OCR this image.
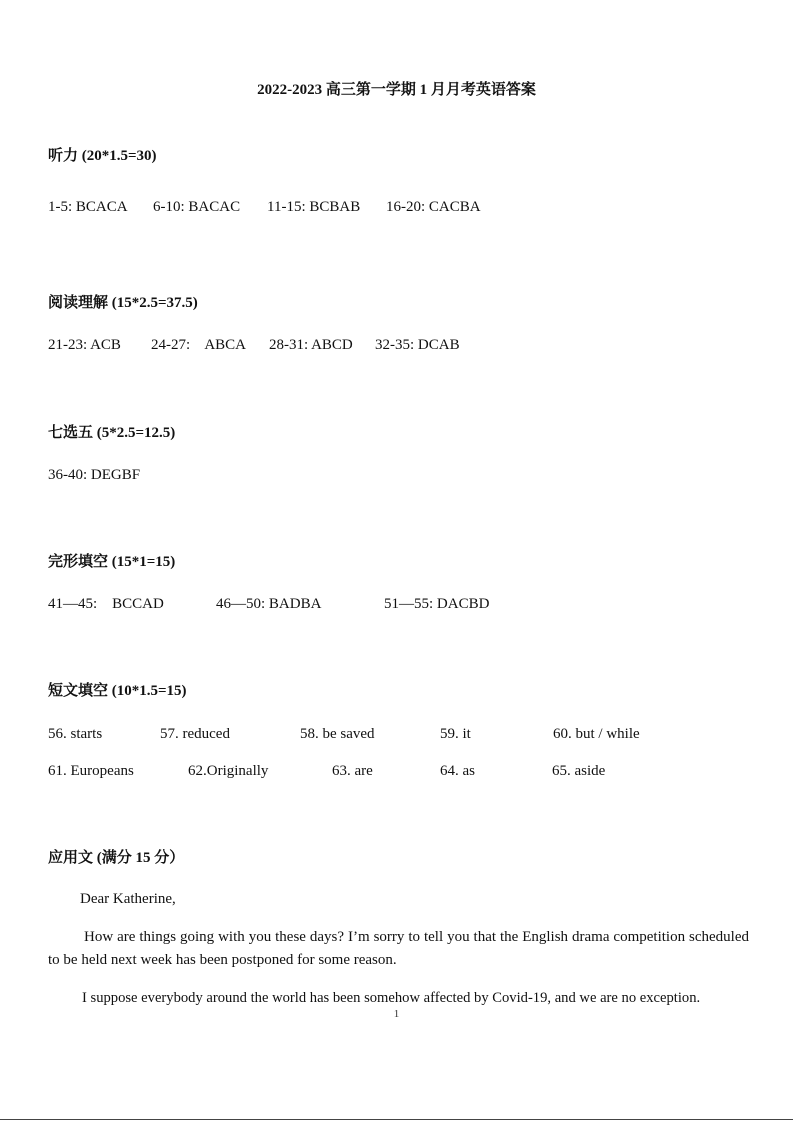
2022-2023 高三第一学期 1 月月考英语答案
听力 (20*1.5=30)
1-5: BCACA 6-10: BACAC 11-15: BCBAB 16-20: CACBA
阅读理解 (15*2.5=37.5)
21-23: ACB 24-27:    ABCA 28-31: ABCD 32-35: DCAB
七选五 (5*2.5=12.5)
36-40: DEGBF
完形填空 (15*1=15)
41—45:    BCCAD	46—50: BADBA	51—55: DACBD
短文填空 (10*1.5=15)
56. starts	57. reduced	58. be saved	59. it	60. but / while
61. Europeans	62.Originally	63. are	64. as	65. aside
应用文 (满分 15 分）
Dear Katherine,
How are things going with you these days? I’m sorry to tell you that the English drama competition scheduled to be held next week has been postponed for some reason.
I suppose everybody around the world has been somehow affected by Covid-19, and we are no exception.
1
